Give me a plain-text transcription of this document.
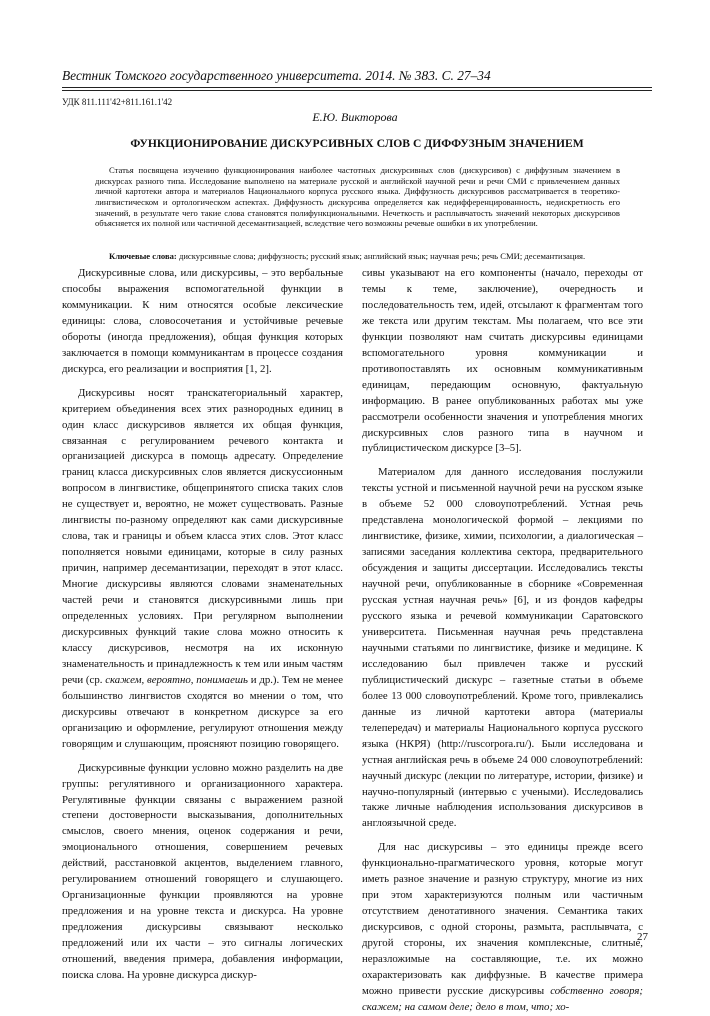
Вестник Томского государственного университета. 2014. № 383. С. 27–34
УДК 811.111'42+811.161.1'42
Е.Ю. Викторова
ФУНКЦИОНИРОВАНИЕ ДИСКУРСИВНЫХ СЛОВ С ДИФФУЗНЫМ ЗНАЧЕНИЕМ
Статья посвящена изучению функционирования наиболее частотных дискурсивных слов (дискурсивов) с диффузным значением в дискурсах разного типа. Исследование выполнено на материале русской и английской научной речи и речи СМИ с привлечением данных личной картотеки автора и материалов Национального корпуса русского языка. Диффузность дискурсивов рассматривается в теоретико-лингвистическом и ортологическом аспектах. Диффузность дискурсива определяется как недифференцированность, недискретность его значений, в результате чего такие слова становятся полифункциональными. Нечеткость и расплывчатость значений некоторых дискурсивов объясняется их полной или частичной десемантизацией, вследствие чего возможны речевые ошибки в их употреблении.
Ключевые слова: дискурсивные слова; диффузность; русский язык; английский язык; научная речь; речь СМИ; десемантизация.

Дискурсивные слова, или дискурсивы, – это вербальные способы выражения вспомогательной функции в коммуникации. К ним относятся особые лексические единицы: слова, словосочетания и устойчивые речевые обороты (иногда предложения), общая функция которых заключается в помощи коммуникантам в процессе создания дискурса, его реализации и восприятия [1, 2].

Дискурсивы носят транскатегориальный характер, критерием объединения всех этих разнородных единиц в один класс дискурсивов является их общая функция, связанная с регулированием речевого контакта и организацией дискурса в помощь адресату. Определение границ класса дискурсивных слов является дискуссионным вопросом в лингвистике, общепринятого списка таких слов не существует и, вероятно, не может существовать. Разные лингвисты по-разному определяют как сами дискурсивные слова, так и границы и объем класса этих слов. Этот класс пополняется новыми единицами, которые в силу разных причин, например десемантизации, переходят в этот класс. Многие дискурсивы являются словами знаменательных частей речи и становятся дискурсивными лишь при определенных условиях. При регулярном выполнении дискурсивных функций такие слова можно относить к классу дискурсивов, несмотря на их исконную знаменательность и принадлежность к тем или иным частям речи (ср. скажем, вероятно, понимаешь и др.). Тем не менее большинство лингвистов сходятся во мнении о том, что дискурсивы отвечают в конкретном дискурсе за его организацию и оформление, регулируют отношения между говорящим и слушающим, проясняют позицию говорящего.

Дискурсивные функции условно можно разделить на две группы: регулятивного и организационного характера. Регулятивные функции связаны с выражением разной степени достоверности высказывания, дополнительных смыслов, своего мнения, оценок содержания и речи, эмоционального отношения, совершением речевых действий, расстановкой акцентов, выделением главного, регулированием отношений говорящего и слушающего. Организационные функции проявляются на уровне предложения и на уровне текста и дискурса. На уровне предложения дискурсивы связывают несколько предложений или их части – это сигналы логических отношений, введения примера, добавления информации, поиска слова. На уровне дискурса дискур-

сивы указывают на его компоненты (начало, переходы от темы к теме, заключение), очередность и последовательность тем, идей, отсылают к фрагментам того же текста или другим текстам. Мы полагаем, что все эти функции позволяют нам считать дискурсивы единицами вспомогательного уровня коммуникации и противопоставлять их основным коммуникативным единицам, передающим основную, фактуальную информацию. В ранее опубликованных работах мы уже рассмотрели особенности значения и употребления многих дискурсивных слов разного типа в научном и публицистическом дискурсе [3–5].

Материалом для данного исследования послужили тексты устной и письменной научной речи на русском языке в объеме 52 000 словоупотреблений. Устная речь представлена монологической формой – лекциями по лингвистике, физике, химии, психологии, а диалогическая – записями заседания коллектива сектора, предварительного обсуждения и защиты диссертации. Исследовались тексты научной речи, опубликованные в сборнике «Современная русская устная научная речь» [6], и из фондов кафедры русского языка и речевой коммуникации Саратовского университета. Письменная научная речь представлена научными статьями по лингвистике, физике и медицине. К исследованию был привлечен также и русский публицистический дискурс – газетные статьи в объеме более 13 000 словоупотреблений. Кроме того, привлекались данные из личной картотеки автора (материалы телепередач) и материалы Национального корпуса русского языка (НКРЯ) (http://ruscorpora.ru/). Были исследована и устная английская речь в объеме 24 000 словоупотреблений: научный дискурс (лекции по литературе, истории, физике) и научно-популярный (интервью с учеными). Исследовались также личные наблюдения использования дискурсивов в англоязычной среде.

Для нас дискурсивы – это единицы прежде всего функционально-прагматического уровня, которые могут иметь разное значение и разную структуру, многие из них при этом характеризуются полным или частичным отсутствием денотативного значения. Семантика таких дискурсивов, с одной стороны, размыта, расплывчата, с другой стороны, их значения комплексные, слитные, неразложимые на составляющие, т.е. их можно охарактеризовать как диффузные. В качестве примера можно привести русские дискурсивы собственно говоря; скажем; на самом деле; дело в том, что; хо-

27
